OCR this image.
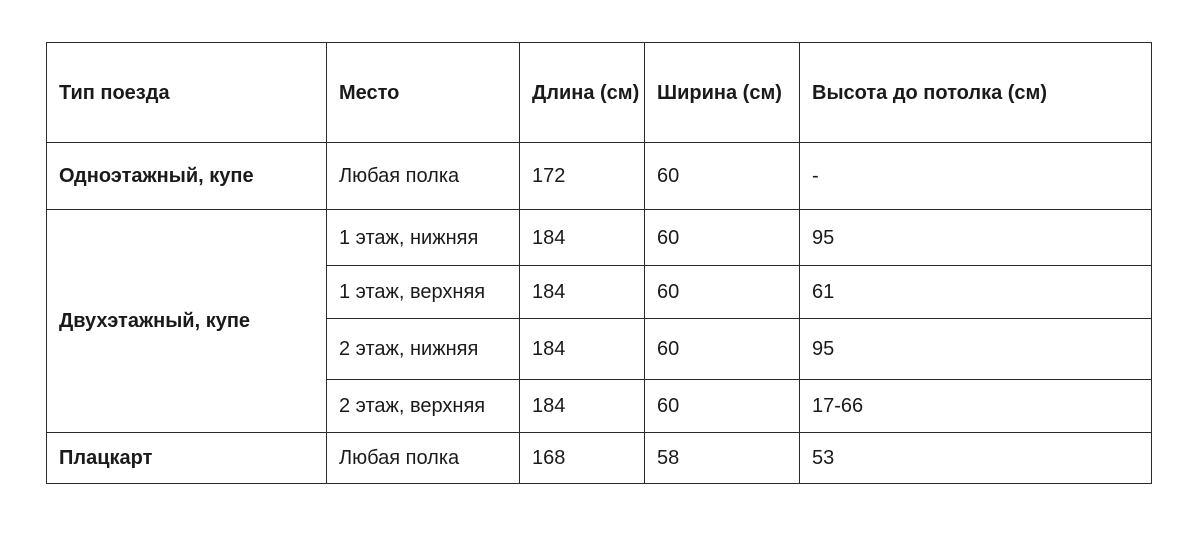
Тип поезда	Место	Длина (см)	Ширина (см)	Высота до потолка (см)
Одноэтажный, купе	Любая полка	172	60	-
Двухэтажный, купе	1 этаж, нижняя	184	60	95
	1 этаж, верхняя	184	60	61
	2 этаж, нижняя	184	60	95
	2 этаж, верхняя	184	60	17-66
Плацкарт	Любая полка	168	58	53
